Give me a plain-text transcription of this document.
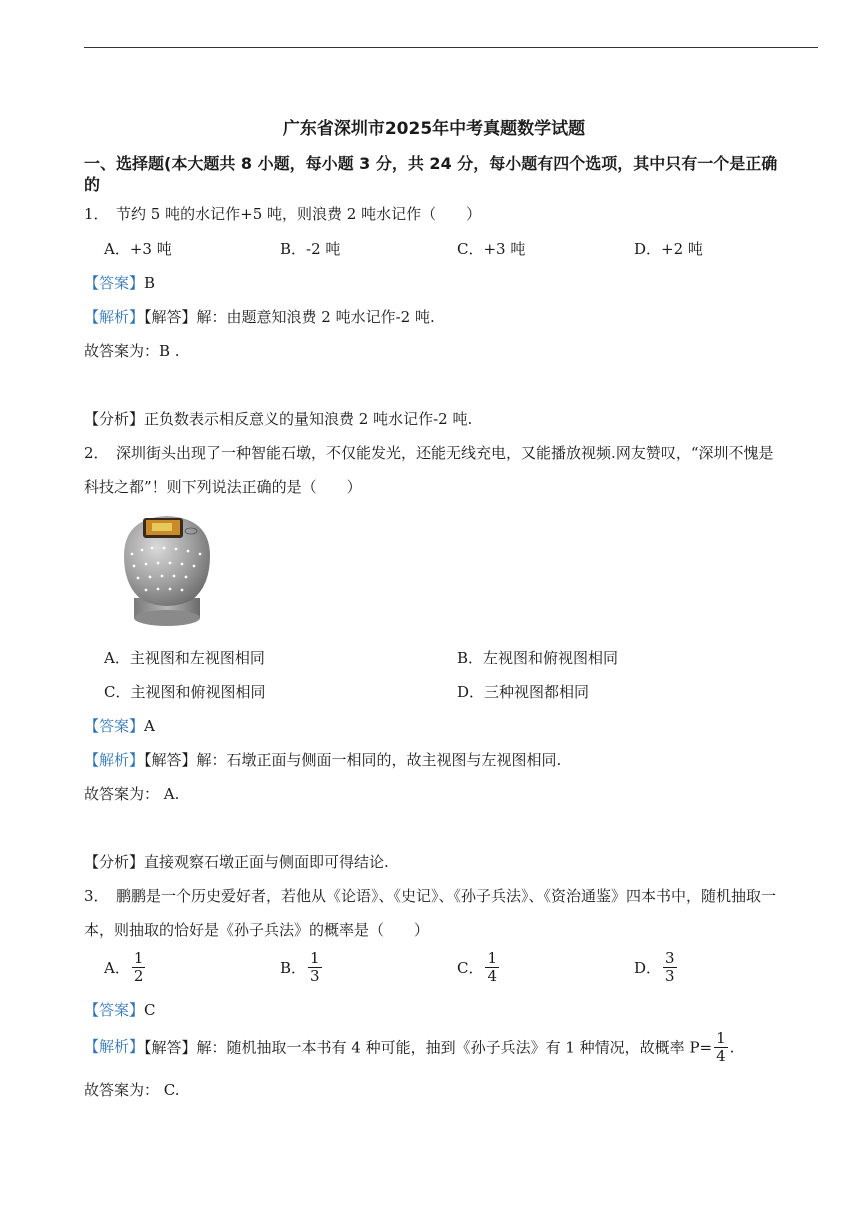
广东省深圳市2025年中考真题数学试题
一、选择题(本大题共 8 小题，每小题 3 分，共 24 分，每小题有四个选项，其中只有一个是正确
的
1．　节约 5 吨的水记作+5 吨，则浪费 2 吨水记作（　　）
A．+3 吨	B．-2 吨	C．+3 吨	D．+2 吨
【答案】B
【解析】【解答】解：由题意知浪费 2 吨水记作-2 吨.
故答案为：B .
【分析】正负数表示相反意义的量知浪费 2 吨水记作-2 吨.
2．　深圳街头出现了一种智能石墩，不仅能发光，还能无线充电，又能播放视频.网友赞叹，“深圳不愧是
科技之都”！则下列说法正确的是（　　）
A．主视图和左视图相同	B．左视图和俯视图相同
C．主视图和俯视图相同	D．三种视图都相同
【答案】A
【解析】【解答】解：石墩正面与侧面一相同的，故主视图与左视图相同.
故答案为： A.
【分析】直接观察石墩正面与侧面即可得结论.
3．　鹏鹏是一个历史爱好者，若他从《论语》、《史记》、《孙子兵法》、《资治通鉴》四本书中，随机抽取一
本，则抽取的恰好是《孙子兵法》的概率是（　　）
A． $\frac{1}{2}$	B． $\frac{1}{3}$	C． $\frac{1}{4}$	D． $\frac{3}{3}$
【答案】C
【解析】【解答】解：随机抽取一本书有 4 种可能，抽到《孙子兵法》有 1 种情况，故概率 $P= \frac{1}{4}$ .
故答案为： C.
